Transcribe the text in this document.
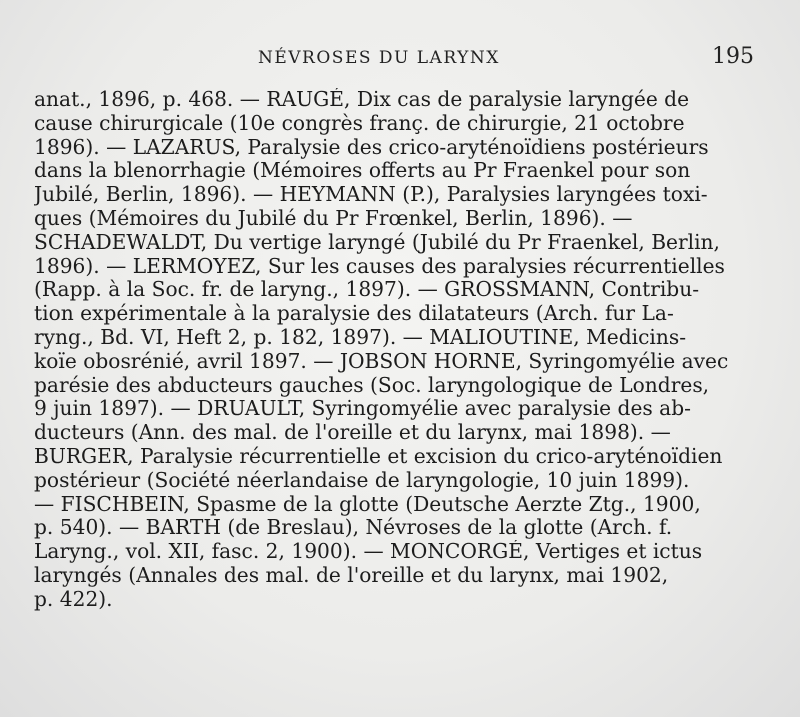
NÉVROSES DU LARYNX	195
anat., 1896, p. 468. — RAUGÉ, Dix cas de paralysie laryngée de
cause chirurgicale (10e congrès franç. de chirurgie, 21 octobre
1896). — LAZARUS, Paralysie des crico-aryténoïdiens postérieurs
dans la blenorrhagie (Mémoires offerts au Pr Fraenkel pour son
Jubilé, Berlin, 1896). — HEYMANN (P.), Paralysies laryngées toxi-
ques (Mémoires du Jubilé du Pr Frœnkel, Berlin, 1896). —
SCHADEWALDT, Du vertige laryngé (Jubilé du Pr Fraenkel, Berlin,
1896). — LERMOYEZ, Sur les causes des paralysies récurrentielles
(Rapp. à la Soc. fr. de laryng., 1897). — GROSSMANN, Contribu-
tion expérimentale à la paralysie des dilatateurs (Arch. fur La-
ryng., Bd. VI, Heft 2, p. 182, 1897). — MALIOUTINE, Medicins-
koïe obosrénié, avril 1897. — JOBSON HORNE, Syringomyélie avec
parésie des abducteurs gauches (Soc. laryngologique de Londres,
9 juin 1897). — DRUAULT, Syringomyélie avec paralysie des ab-
ducteurs (Ann. des mal. de l'oreille et du larynx, mai 1898). —
BURGER, Paralysie récurrentielle et excision du crico-aryténoïdien
postérieur (Société néerlandaise de laryngologie, 10 juin 1899).
— FISCHBEIN, Spasme de la glotte (Deutsche Aerzte Ztg., 1900,
p. 540). — BARTH (de Breslau), Névroses de la glotte (Arch. f.
Laryng., vol. XII, fasc. 2, 1900). — MONCORGÉ, Vertiges et ictus
laryngés (Annales des mal. de l'oreille et du larynx, mai 1902,
p. 422).
